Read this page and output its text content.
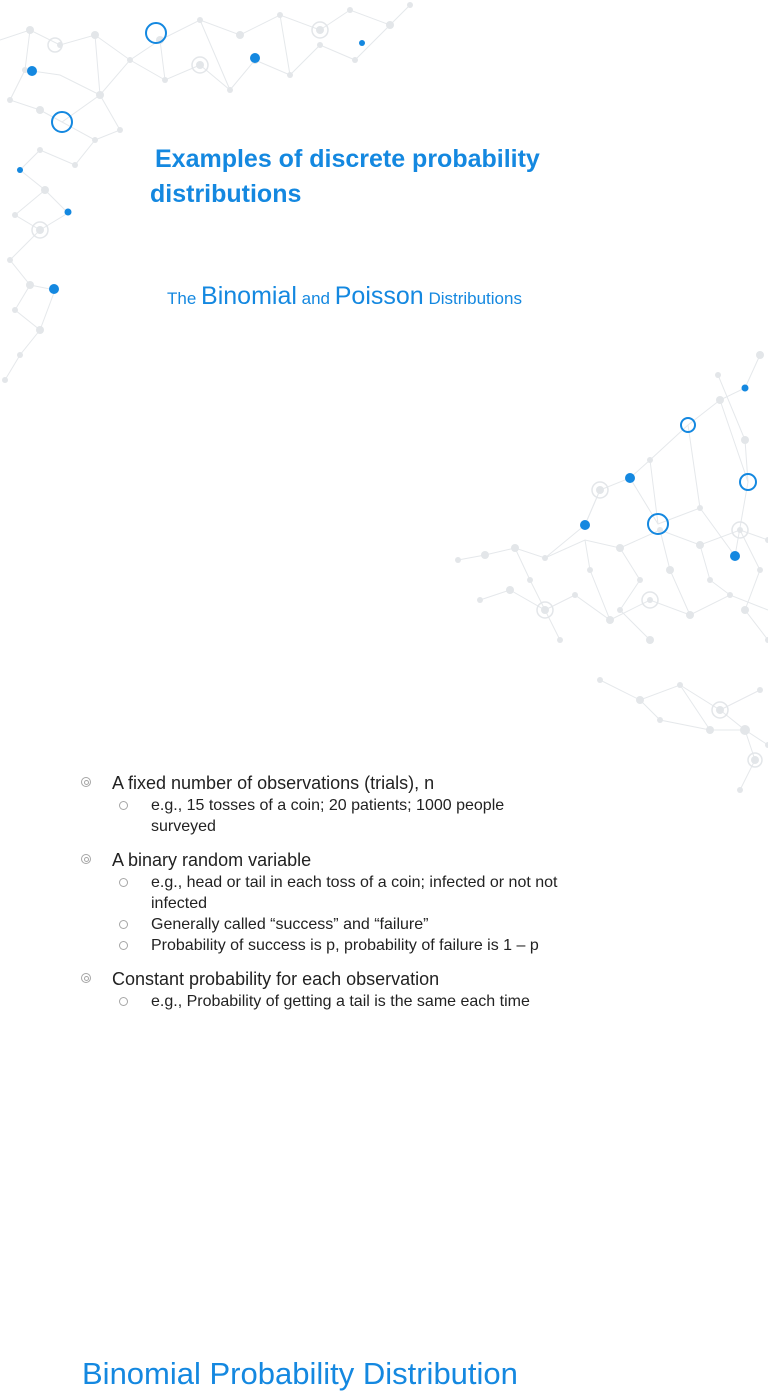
Examples of discrete probability
distributions

The Binomial and Poisson Distributions

Binomial Probability Distribution
A fixed number of observations (trials), n
e.g., 15 tosses of a coin; 20 patients; 1000 people surveyed
A binary random variable
e.g., head or tail in each toss of a coin; infected or not not infected
Generally called “success” and “failure”
Probability of success is p, probability of failure is 1 – p
Constant probability for each observation
e.g., Probability of getting a tail is the same each time
